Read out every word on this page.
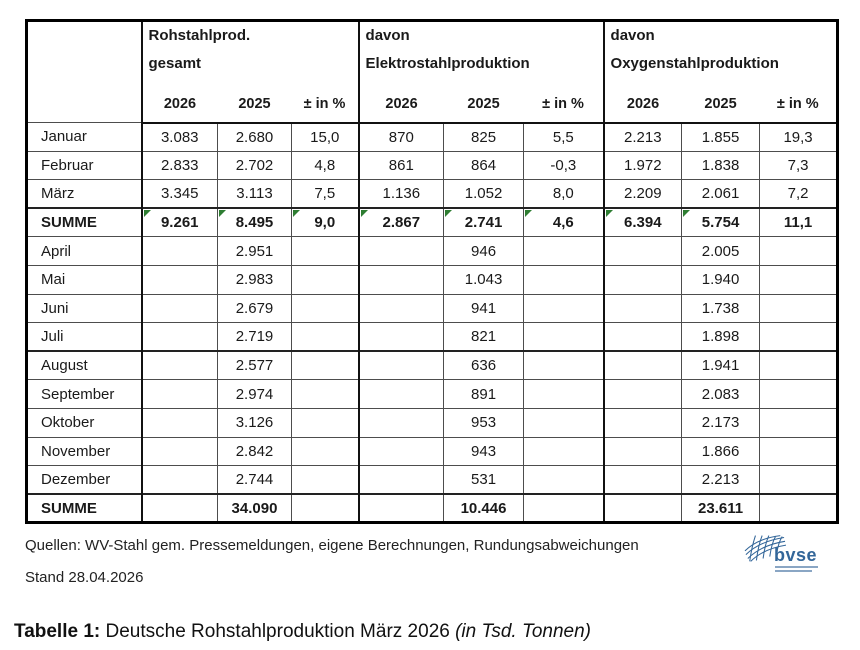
Rohstahlprod.
gesamt

davon
Elektrostahlproduktion

davon
Oxygenstahlproduktion

	2026	2025	± in %	2026	2025	± in %	2026	2025	± in %
Januar	3.083	2.680	15,0	870	825	5,5	2.213	1.855	19,3
Februar	2.833	2.702	4,8	861	864	-0,3	1.972	1.838	7,3
März	3.345	3.113	7,5	1.136	1.052	8,0	2.209	2.061	7,2
SUMME	9.261	8.495	9,0	2.867	2.741	4,6	6.394	5.754	11,1
April		2.951			946			2.005	
Mai		2.983			1.043			1.940	
Juni		2.679			941			1.738	
Juli		2.719			821			1.898	
August		2.577			636			1.941	
September		2.974			891			2.083	
Oktober		3.126			953			2.173	
November		2.842			943			1.866	
Dezember		2.744			531			2.213	
SUMME		34.090			10.446			23.611	
Quellen: WV-Stahl gem. Pressemeldungen, eigene Berechnungen, Rundungsabweichungen
Stand 28.04.2026
bvse

Tabelle 1: Deutsche Rohstahlproduktion März 2026 (in Tsd. Tonnen)
